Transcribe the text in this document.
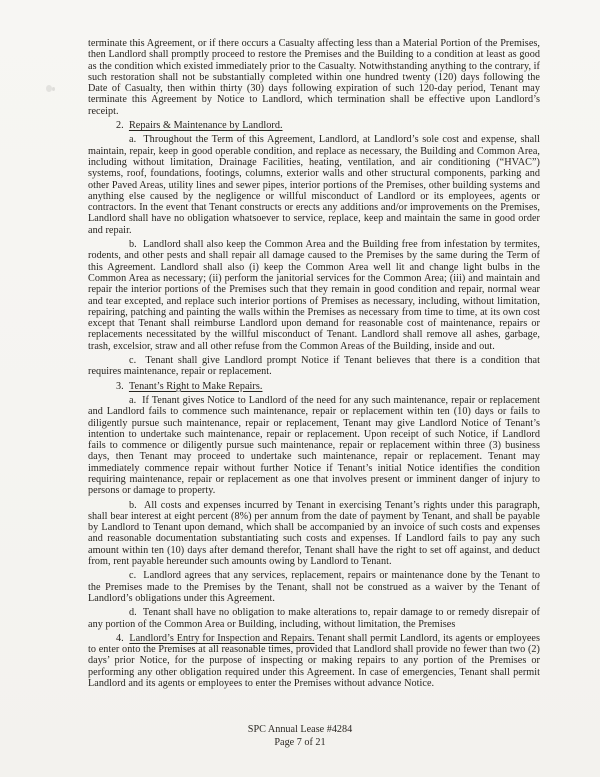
terminate this Agreement, or if there occurs a Casualty affecting less than a Material Portion of the Premises, then Landlord shall promptly proceed to restore the Premises and the Building to a condition at least as good as the condition which existed immediately prior to the Casualty. Notwithstanding anything to the contrary, if such restoration shall not be substantially completed within one hundred twenty (120) days following the Date of Casualty, then within thirty (30) days following expiration of such 120-day period, Tenant may terminate this Agreement by Notice to Landlord, which termination shall be effective upon Landlord’s receipt.

2.  Repairs & Maintenance by Landlord.

a.  Throughout the Term of this Agreement, Landlord, at Landlord’s sole cost and expense, shall maintain, repair, keep in good operable condition, and replace as necessary, the Building and Common Area, including without limitation, Drainage Facilities, heating, ventilation, and air conditioning (“HVAC”) systems, roof, foundations, footings, columns, exterior walls and other structural components, parking and other Paved Areas, utility lines and sewer pipes, interior portions of the Premises, other building systems and anything else caused by the negligence or willful misconduct of Landlord or its employees, agents or contractors. In the event that Tenant constructs or erects any additions and/or improvements on the Premises, Landlord shall have no obligation whatsoever to service, replace, keep and maintain the same in good order and repair.

b.  Landlord shall also keep the Common Area and the Building free from infestation by termites, rodents, and other pests and shall repair all damage caused to the Premises by the same during the Term of this Agreement. Landlord shall also (i) keep the Common Area well lit and change light bulbs in the Common Area as necessary; (ii) perform the janitorial services for the Common Area; (iii) and maintain and repair the interior portions of the Premises such that they remain in good condition and repair, normal wear and tear excepted, and replace such interior portions of Premises as necessary, including, without limitation, repairing, patching and painting the walls within the Premises as necessary from time to time, at its own cost except that Tenant shall reimburse Landlord upon demand for reasonable cost of maintenance, repairs or replacements necessitated by the willful misconduct of Tenant. Landlord shall remove all ashes, garbage, trash, excelsior, straw and all other refuse from the Common Areas of the Building, inside and out.

c.  Tenant shall give Landlord prompt Notice if Tenant believes that there is a condition that requires maintenance, repair or replacement.

3.  Tenant’s Right to Make Repairs.

a.  If Tenant gives Notice to Landlord of the need for any such maintenance, repair or replacement and Landlord fails to commence such maintenance, repair or replacement within ten (10) days or fails to diligently pursue such maintenance, repair or replacement, Tenant may give Landlord Notice of Tenant’s intention to undertake such maintenance, repair or replacement. Upon receipt of such Notice, if Landlord fails to commence or diligently pursue such maintenance, repair or replacement within three (3) business days, then Tenant may proceed to undertake such maintenance, repair or replacement. Tenant may immediately commence repair without further Notice if Tenant’s initial Notice identifies the condition requiring maintenance, repair or replacement as one that involves present or imminent danger of injury to persons or damage to property.

b.  All costs and expenses incurred by Tenant in exercising Tenant’s rights under this paragraph, shall bear interest at eight percent (8%) per annum from the date of payment by Tenant, and shall be payable by Landlord to Tenant upon demand, which shall be accompanied by an invoice of such costs and expenses and reasonable documentation substantiating such costs and expenses. If Landlord fails to pay any such amount within ten (10) days after demand therefor, Tenant shall have the right to set off against, and deduct from, rent payable hereunder such amounts owing by Landlord to Tenant.

c.  Landlord agrees that any services, replacement, repairs or maintenance done by the Tenant to the Premises made to the Premises by the Tenant, shall not be construed as a waiver by the Tenant of Landlord’s obligations under this Agreement.

d.  Tenant shall have no obligation to make alterations to, repair damage to or remedy disrepair of any portion of the Common Area or Building, including, without limitation, the Premises

4.  Landlord’s Entry for Inspection and Repairs. Tenant shall permit Landlord, its agents or employees to enter onto the Premises at all reasonable times, provided that Landlord shall provide no fewer than two (2) days’ prior Notice, for the purpose of inspecting or making repairs to any portion of the Premises or performing any other obligation required under this Agreement. In case of emergencies, Tenant shall permit Landlord and its agents or employees to enter the Premises without advance Notice.

SPC Annual Lease #4284
Page 7 of 21
